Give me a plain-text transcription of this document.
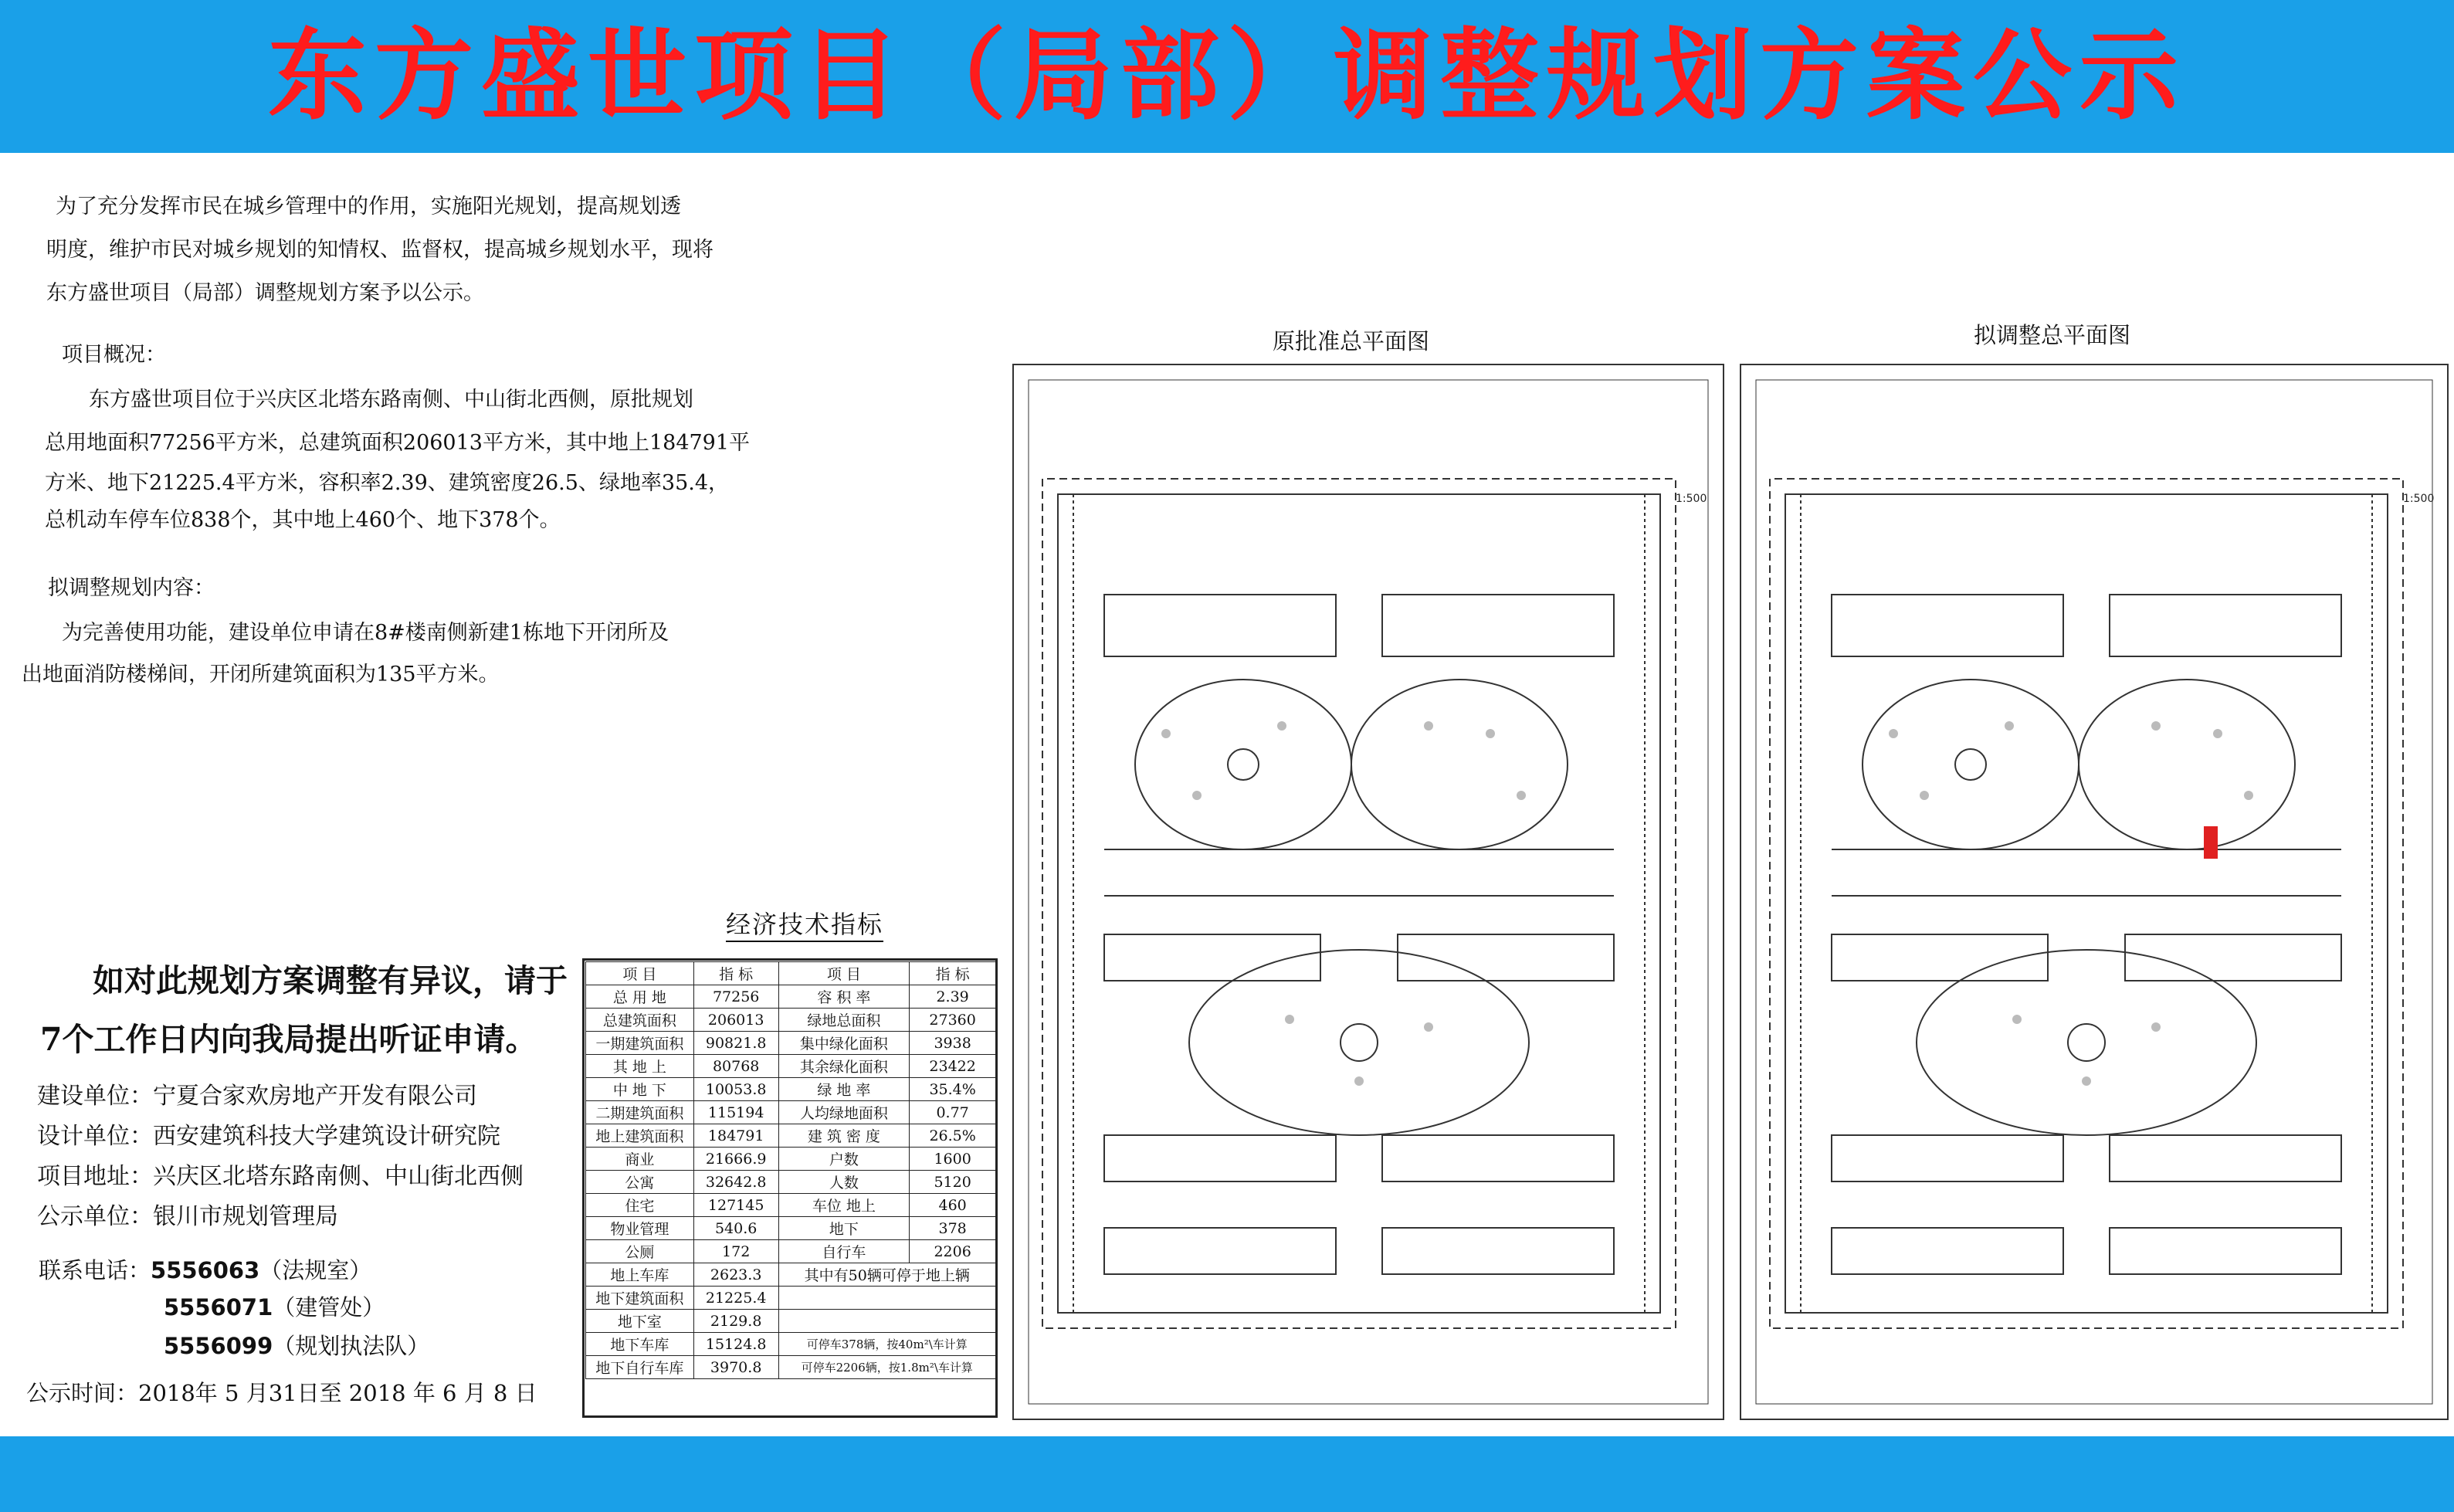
东方盛世项目（局部）调整规划方案公示
为了充分发挥市民在城乡管理中的作用，实施阳光规划，提高规划透
明度，维护市民对城乡规划的知情权、监督权，提高城乡规划水平，现将
东方盛世项目（局部）调整规划方案予以公示。
项目概况：
东方盛世项目位于兴庆区北塔东路南侧、中山街北西侧，原批规划
总用地面积77256平方米，总建筑面积206013平方米，其中地上184791平
方米、地下21225.4平方米，容积率2.39、建筑密度26.5、绿地率35.4，
总机动车停车位838个，其中地上460个、地下378个。
拟调整规划内容：
为完善使用功能，建设单位申请在8#楼南侧新建1栋地下开闭所及
出地面消防楼梯间，开闭所建筑面积为135平方米。
如对此规划方案调整有异议，请于
7个工作日内向我局提出听证申请。
建设单位：宁夏合家欢房地产开发有限公司
设计单位：西安建筑科技大学建筑设计研究院
项目地址：兴庆区北塔东路南侧、中山街北西侧
公示单位：银川市规划管理局
联系电话：5556063（法规室）
5556071（建管处）
5556099（规划执法队）
公示时间：2018年 5 月31日至 2018 年 6 月 8 日
经济技术指标
项 目	指 标	项 目	指 标
总 用 地	77256	容 积 率	2.39
总建筑面积	206013	绿地总面积	27360
一期建筑面积	90821.8	集中绿化面积	3938
其 地 上	80768	其余绿化面积	23422
中 地 下	10053.8	绿 地 率	35.4%
二期建筑面积	115194	人均绿地面积	0.77
地上建筑面积	184791	建 筑 密 度	26.5%
商业	21666.9	户数	1600
公寓	32642.8	人数	5120
住宅	127145	车位 地上	460
物业管理	540.6	地下	378
公厕	172	自行车	2206
地上车库	2623.3	其中有50辆可停于地上辆	
地下建筑面积	21225.4		
地下室	2129.8		
地下车库	15124.8	可停车378辆，按40m²\车计算	
地下自行车库	3970.8	可停车2206辆，按1.8m²\车计算	
原批准总平面图	拟调整总平面图
1:500	1:500
